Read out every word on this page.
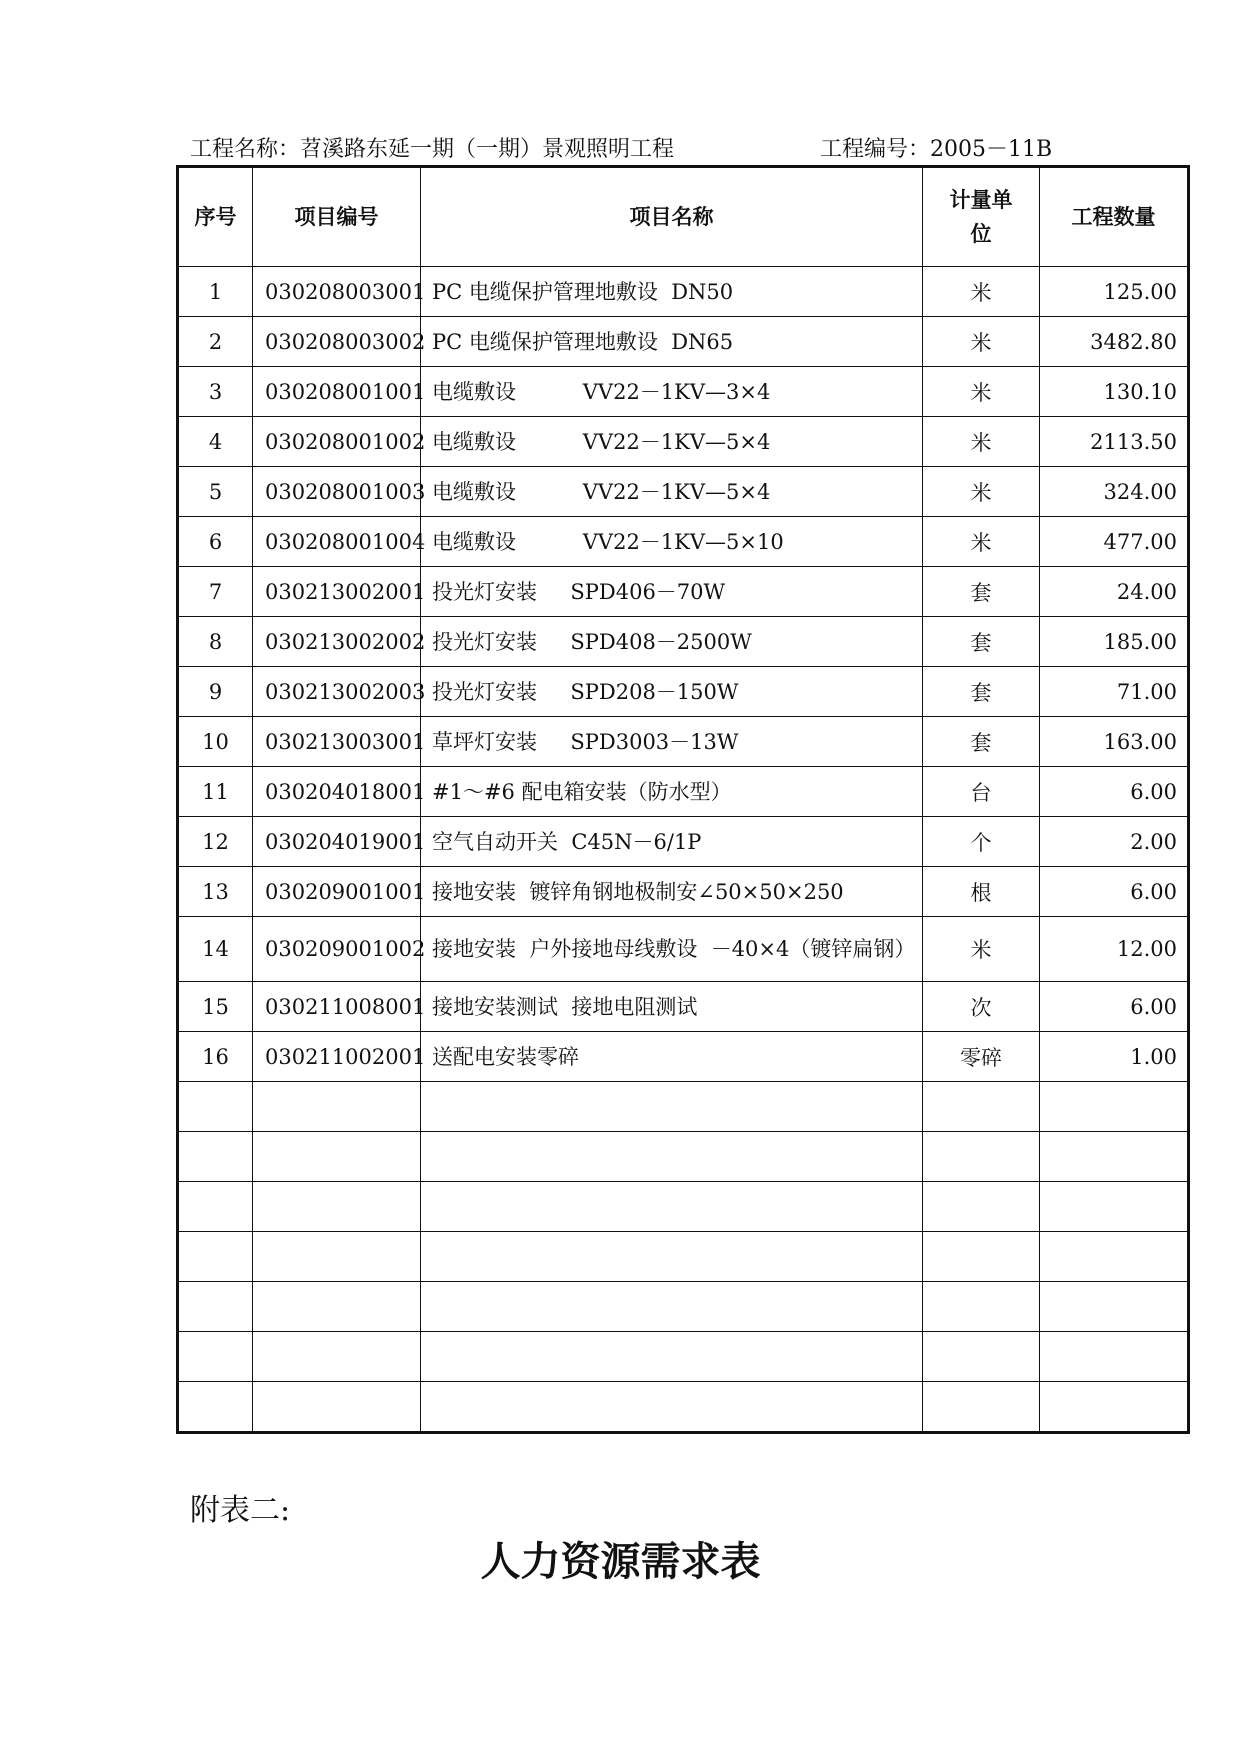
工程名称：苕溪路东延一期（一期）景观照明工程	工程编号：2005－11B
序号	项目编号	项目名称	计量单
位	工程数量
1	030208003001	PC 电缆保护管理地敷设  DN50	米	125.00
2	030208003002	PC 电缆保护管理地敷设  DN65	米	3482.80
3	030208001001	电缆敷设          VV22－1KV—3×4	米	130.10
4	030208001002	电缆敷设          VV22－1KV—5×4	米	2113.50
5	030208001003	电缆敷设          VV22－1KV—5×4	米	324.00
6	030208001004	电缆敷设          VV22－1KV—5×10	米	477.00
7	030213002001	投光灯安装     SPD406－70W	套	24.00
8	030213002002	投光灯安装     SPD408－2500W	套	185.00
9	030213002003	投光灯安装     SPD208－150W	套	71.00
10	030213003001	草坪灯安装     SPD3003－13W	套	163.00
11	030204018001	#1～#6 配电箱安装（防水型）	台	6.00
12	030204019001	空气自动开关  C45N－6/1P	个	2.00
13	030209001001	接地安装  镀锌角钢地极制安∠50×50×250	根	6.00
14	030209001002	接地安装  户外接地母线敷设  －40×4（镀锌扁钢）	米	12.00
15	030211008001	接地安装测试  接地电阻测试	次	6.00
16	030211002001	送配电安装零碎	零碎	1.00

附表二:
人力资源需求表
